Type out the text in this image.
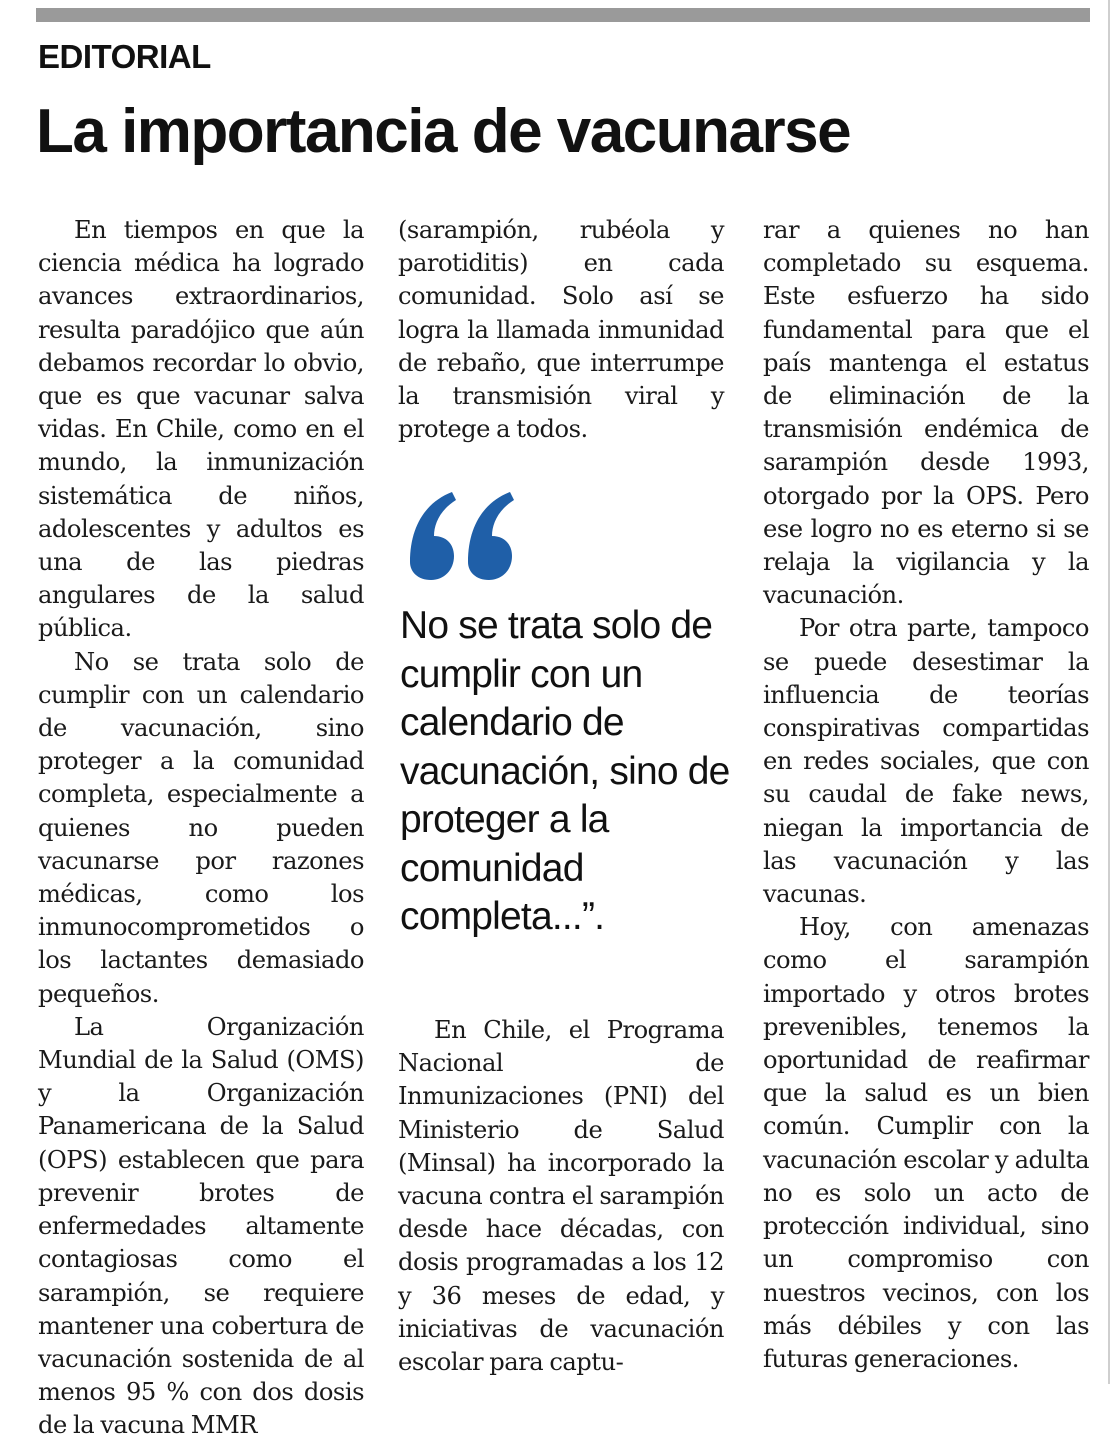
EDITORIAL
La importancia de vacunarse

En tiempos en que la ciencia médica ha logrado avances extraordinarios, resulta paradójico que aún debamos recordar lo obvio, que es que vacunar salva vidas. En Chile, como en el mundo, la inmunización sistemática de niños, adolescentes y adultos es una de las piedras angulares de la salud pública.

No se trata solo de cumplir con un calendario de vacunación, sino proteger a la comunidad completa, especialmente a quienes no pueden vacunarse por razones médicas, como los inmunocomprometidos o los lactantes demasiado pequeños.

La Organización Mundial de la Salud (OMS) y la Organización Panamericana de la Salud (OPS) establecen que para prevenir brotes de enfermedades altamente contagiosas como el sarampión, se requiere mantener una cobertura de vacunación sostenida de al menos 95 % con dos dosis de la vacuna MMR

(sarampión, rubéola y parotiditis) en cada comunidad. Solo así se logra la llamada inmunidad de rebaño, que interrumpe la transmisión viral y protege a todos.

No se trata solo de cumplir con un calendario de vacunación, sino de proteger a la comunidad completa...”.

En Chile, el Programa Nacional de Inmunizaciones (PNI) del Ministerio de Salud (Minsal) ha incorporado la vacuna contra el sarampión desde hace décadas, con dosis programadas a los 12 y 36 meses de edad, y iniciativas de vacunación escolar para captu-

rar a quienes no han completado su esquema. Este esfuerzo ha sido fundamental para que el país mantenga el estatus de eliminación de la transmisión endémica de sarampión desde 1993, otorgado por la OPS. Pero ese logro no es eterno si se relaja la vigilancia y la vacunación.

Por otra parte, tampoco se puede desestimar la influencia de teorías conspirativas compartidas en redes sociales, que con su caudal de fake news, niegan la importancia de las vacunación y las vacunas.

Hoy, con amenazas como el sarampión importado y otros brotes prevenibles, tenemos la oportunidad de reafirmar que la salud es un bien común. Cumplir con la vacunación escolar y adulta no es solo un acto de protección individual, sino un compromiso con nuestros vecinos, con los más débiles y con las futuras generaciones.
